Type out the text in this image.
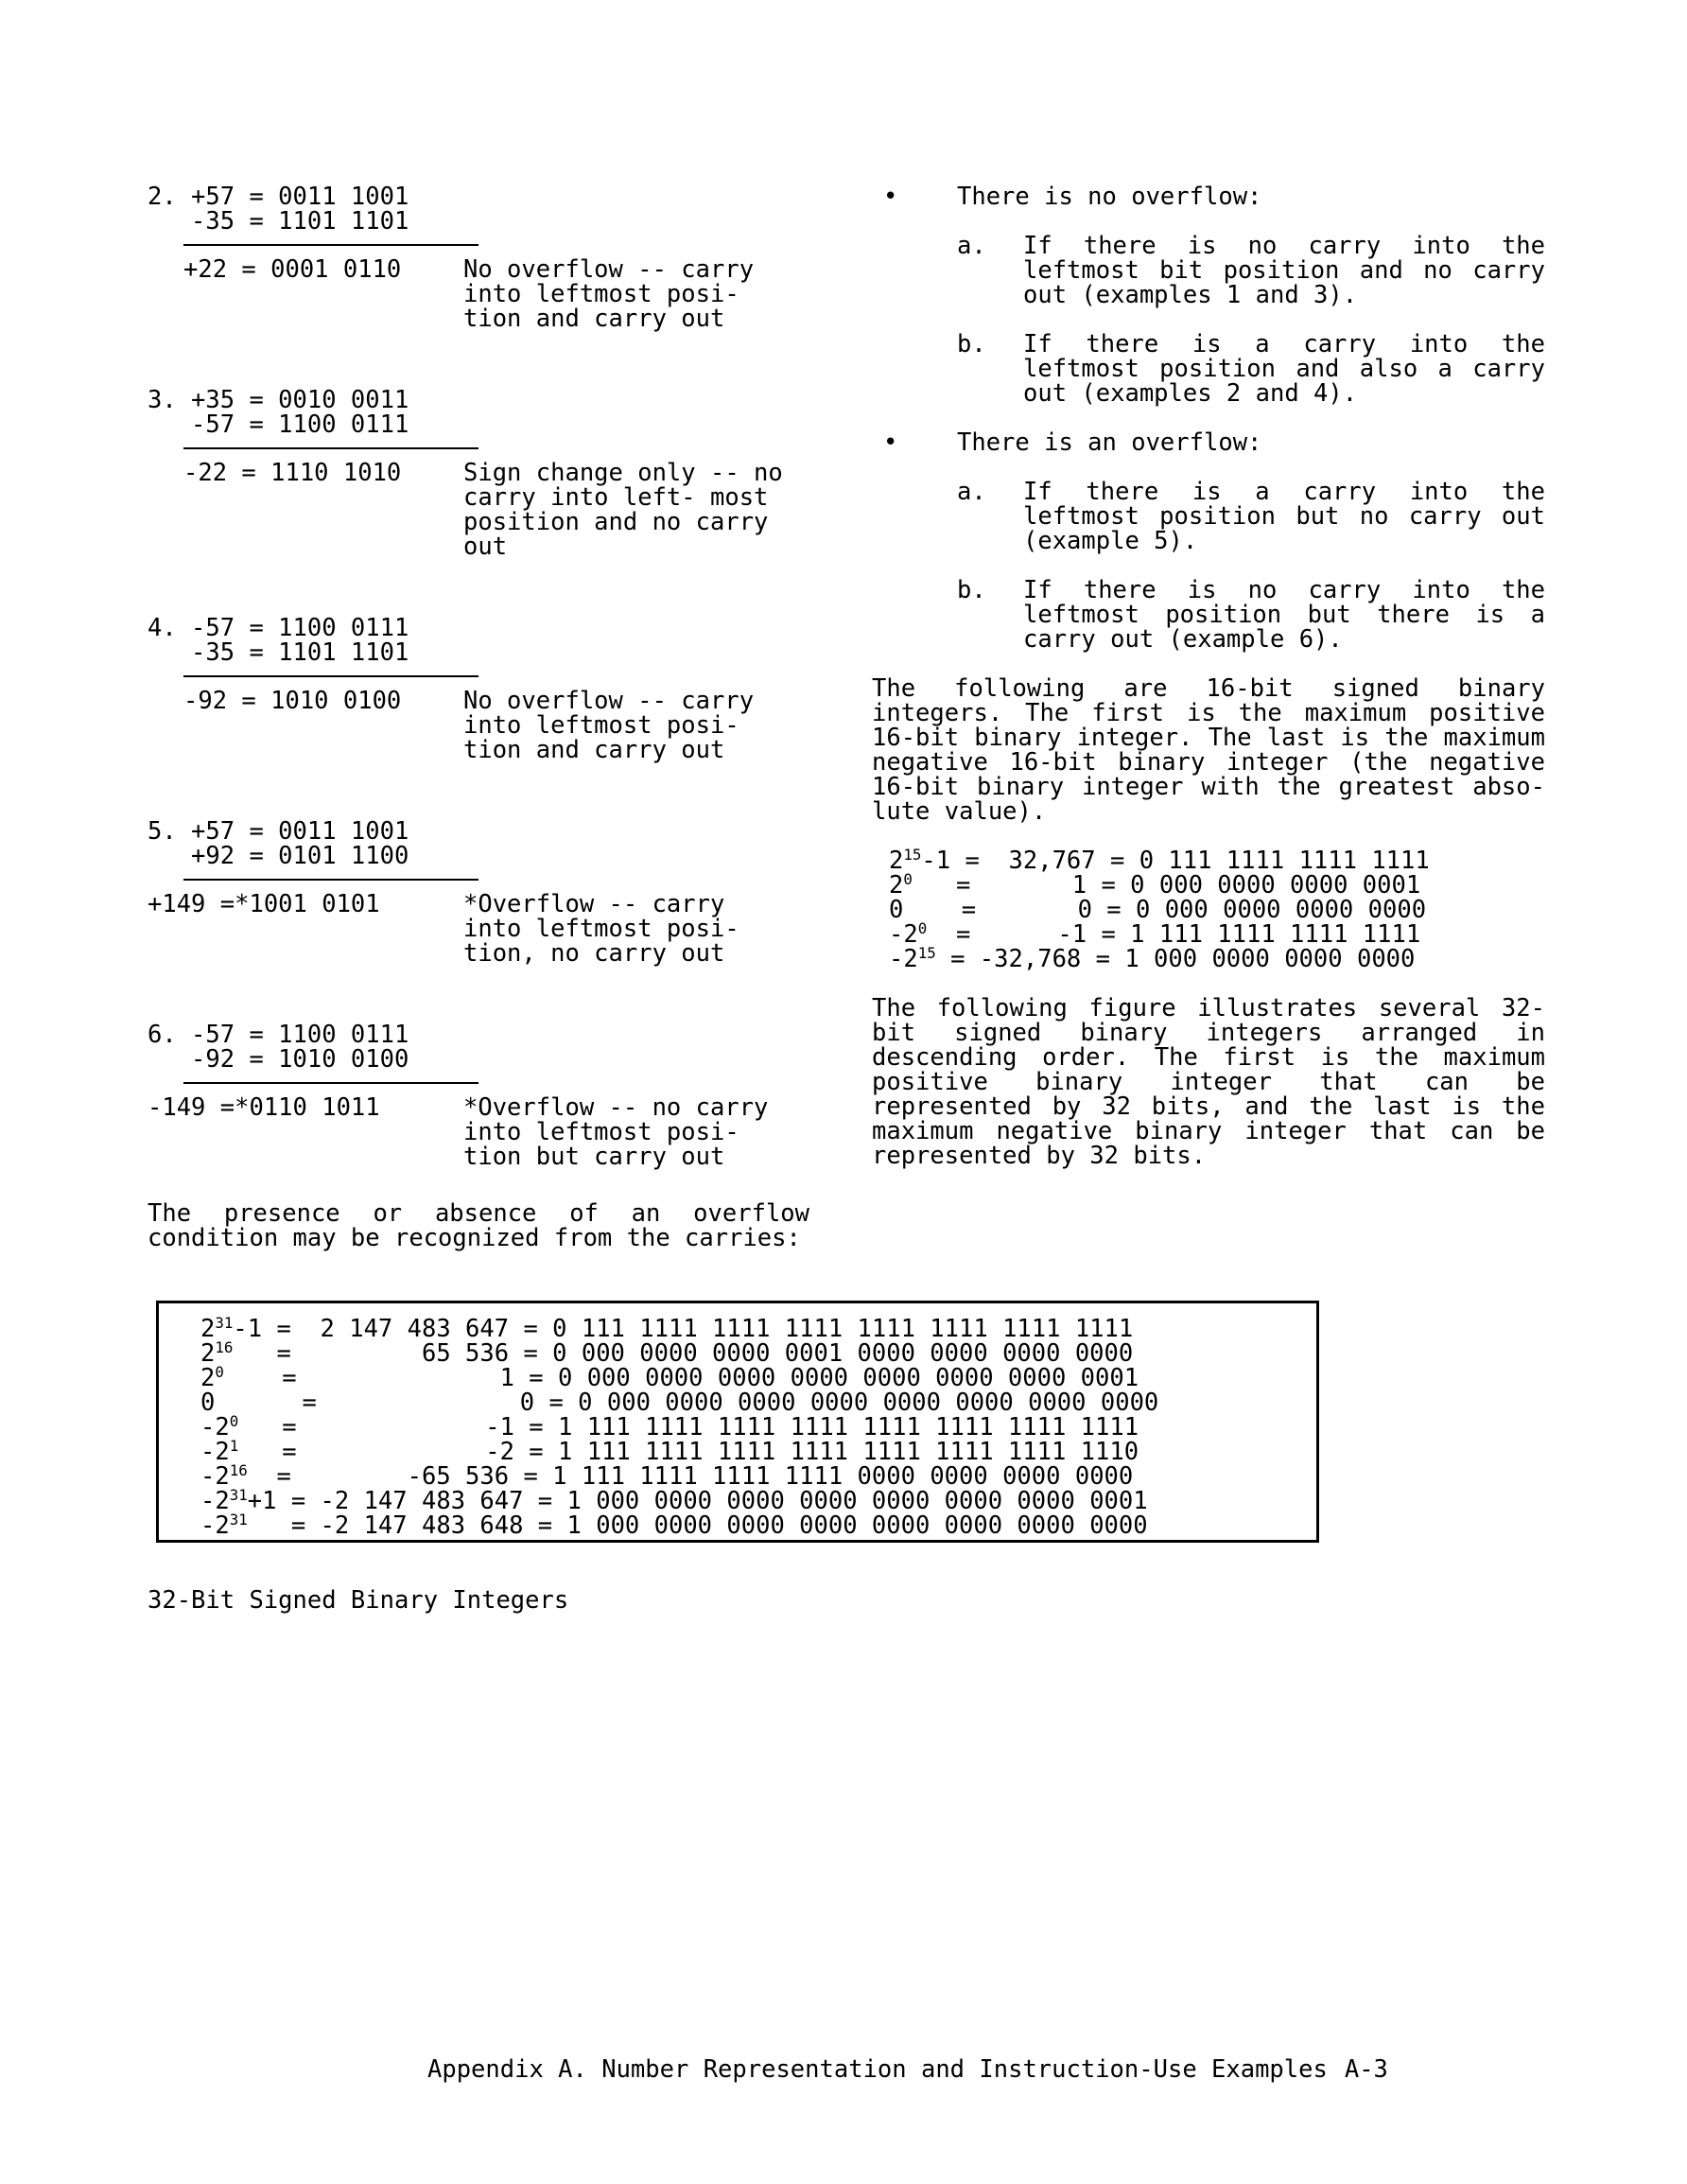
2. +57 = 0011 1001
-35 = 1101 1101
+22 = 0001 0110	No overflow -- carry into leftmost posi- tion and carry out
3. +35 = 0010 0011
-57 = 1100 0111
-22 = 1110 1010	Sign change only -- no carry into left- most position and no carry out
4. -57 = 1100 0111
-35 = 1101 1101
-92 = 1010 0100	No overflow -- carry into leftmost posi- tion and carry out
5. +57 = 0011 1001
+92 = 0101 1100
+149 =*1001 0101	*Overflow -- carry into leftmost posi- tion, no carry out
6. -57 = 1100 0111
-92 = 1010 0100
-149 =*0110 1011	*Overflow -- no carry into leftmost posi- tion but carry out
The presence or absence of an overflow condition may be recognized from the carries:
• There is no overflow:
a. If there is no carry into the leftmost bit position and no carry out (examples 1 and 3).
b. If there is a carry into the leftmost position and also a carry out (examples 2 and 4).
• There is an overflow:
a. If there is a carry into the leftmost position but no carry out (example 5).
b. If there is no carry into the leftmost position but there is a carry out (example 6).
The following are 16-bit signed binary integers. The first is the maximum positive 16-bit binary integer. The last is the maximum negative 16-bit binary integer (the negative 16-bit binary integer with the greatest abso- lute value).
$2^{15}-1 = 32,767 = 0$ 111 1111 1111 1111
$2^0$   =       1 = 0 000 0000 0000 0001
0    =       0 = 0 000 0000 0000 0000
$-2^0$  =      -1 = 1 111 1111 1111 1111
$-2^{15} = -32,768 = 1$ 000 0000 0000 0000
The following figure illustrates several 32-bit signed binary integers arranged in descending order. The first is the maximum positive binary integer that can be represented by 32 bits, and the last is the maximum negative binary integer that can be represented by 32 bits.
$2^{31}-1 = 2$ 147 483 647 = 0 111 1111 1111 1111 1111 1111 1111 1111
$2^{16}$ =         65 536 = 0 000 0000 0000 0001 0000 0000 0000 0000
$2^0$ =              1 = 0 000 0000 0000 0000 0000 0000 0000 0001
0	=              0 = 0 000 0000 0000 0000 0000 0000 0000 0000
$-2^0$ =             -1 = 1 111 1111 1111 1111 1111 1111 1111 1111
$-2^1$ =             -2 = 1 111 1111 1111 1111 1111 1111 1111 1110
$-2^{16}$ =        -65 536 = 1 111 1111 1111 1111 0000 0000 0000 0000
$-2^{31}+1 = -2$ 147 483 647 = 1 000 0000 0000 0000 0000 0000 0000 0001
$-2^{31} = -2$ 147 483 648 = 1 000 0000 0000 0000 0000 0000 0000 0000
32-Bit Signed Binary Integers
Appendix A. Number Representation and Instruction-Use Examples A-3
